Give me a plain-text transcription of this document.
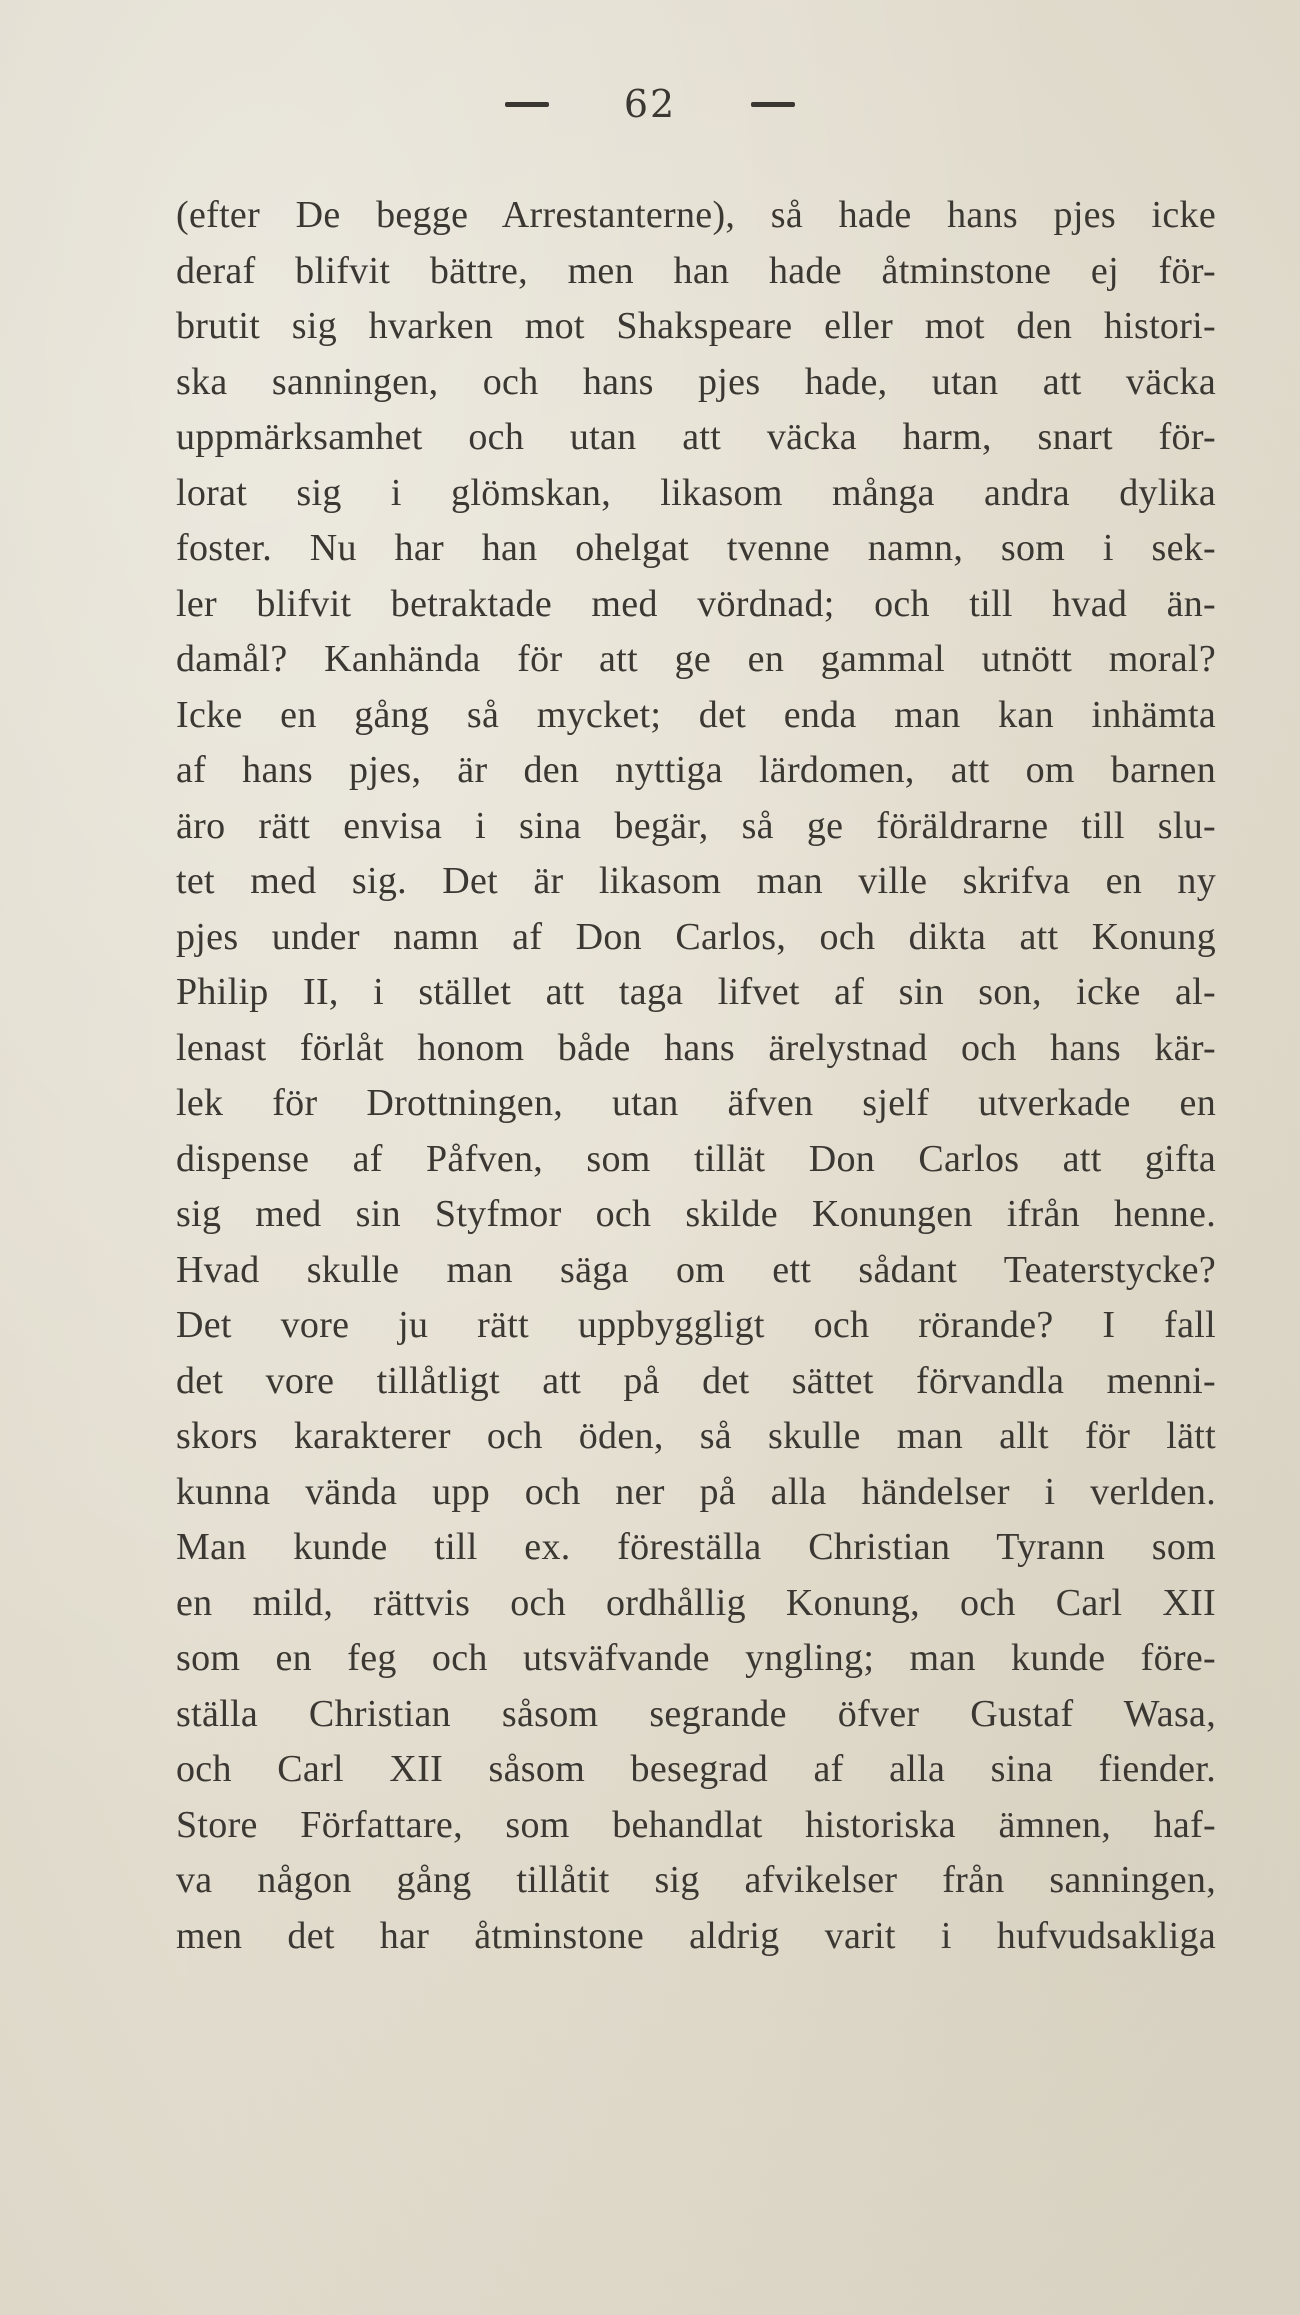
62
(efter De begge Arrestanterne), så hade hans pjes icke
deraf blifvit bättre, men han hade åtminstone ej för-
brutit sig hvarken mot Shakspeare eller mot den histori-
ska sanningen, och hans pjes hade, utan att väcka
uppmärksamhet och utan att väcka harm, snart för-
lorat sig i glömskan, likasom många andra dylika
foster. Nu har han ohelgat tvenne namn, som i sek-
ler blifvit betraktade med vördnad; och till hvad än-
damål? Kanhända för att ge en gammal utnött moral?
Icke en gång så mycket; det enda man kan inhämta
af hans pjes, är den nyttiga lärdomen, att om barnen
äro rätt envisa i sina begär, så ge föräldrarne till slu-
tet med sig. Det är likasom man ville skrifva en ny
pjes under namn af Don Carlos, och dikta att Konung
Philip II, i stället att taga lifvet af sin son, icke al-
lenast förlåt honom både hans ärelystnad och hans kär-
lek för Drottningen, utan äfven sjelf utverkade en
dispense af Påfven, som tillät Don Carlos att gifta
sig med sin Styfmor och skilde Konungen ifrån henne.
Hvad skulle man säga om ett sådant Teaterstycke?
Det vore ju rätt uppbyggligt och rörande? I fall
det vore tillåtligt att på det sättet förvandla menni-
skors karakterer och öden, så skulle man allt för lätt
kunna vända upp och ner på alla händelser i verlden.
Man kunde till ex. föreställa Christian Tyrann som
en mild, rättvis och ordhållig Konung, och Carl XII
som en feg och utsväfvande yngling; man kunde före-
ställa Christian såsom segrande öfver Gustaf Wasa,
och Carl XII såsom besegrad af alla sina fiender.
Store Författare, som behandlat historiska ämnen, haf-
va någon gång tillåtit sig afvikelser från sanningen,
men det har åtminstone aldrig varit i hufvudsakliga
